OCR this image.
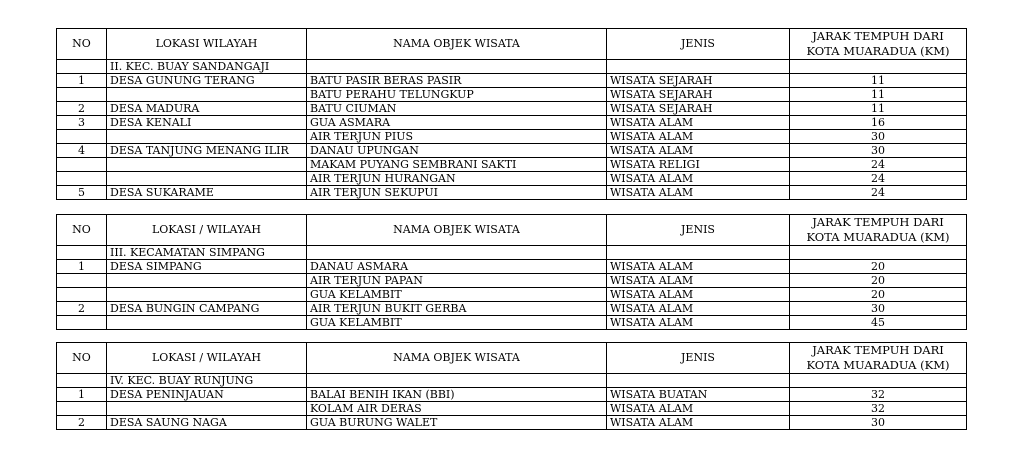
NO	LOKASI WILAYAH	NAMA OBJEK WISATA	JENIS	JARAK TEMPUH DARI
KOTA MUARADUA (KM)
	II. KEC. BUAY SANDANGAJI			
1	DESA GUNUNG TERANG	BATU PASIR BERAS PASIR	WISATA SEJARAH	11
		BATU PERAHU TELUNGKUP	WISATA SEJARAH	11
2	DESA MADURA	BATU CIUMAN	WISATA SEJARAH	11
3	DESA KENALI	GUA ASMARA	WISATA ALAM	16
		AIR TERJUN PIUS	WISATA ALAM	30
4	DESA TANJUNG MENANG ILIR	DANAU UPUNGAN	WISATA ALAM	30
		MAKAM PUYANG SEMBRANI SAKTI	WISATA RELIGI	24
		AIR TERJUN HURANGAN	WISATA ALAM	24
5	DESA SUKARAME	AIR TERJUN SEKUPUI	WISATA ALAM	24
NO	LOKASI / WILAYAH	NAMA OBJEK WISATA	JENIS	JARAK TEMPUH DARI
KOTA MUARADUA (KM)
	III. KECAMATAN SIMPANG			
1	DESA SIMPANG	DANAU ASMARA	WISATA ALAM	20
		AIR TERJUN PAPAN	WISATA ALAM	20
		GUA KELAMBIT	WISATA ALAM	20
2	DESA BUNGIN CAMPANG	AIR TERJUN BUKIT GERBA	WISATA ALAM	30
		GUA KELAMBIT	WISATA ALAM	45
NO	LOKASI / WILAYAH	NAMA OBJEK WISATA	JENIS	JARAK TEMPUH DARI
KOTA MUARADUA (KM)
	IV. KEC. BUAY RUNJUNG			
1	DESA PENINJAUAN	BALAI BENIH IKAN (BBI)	WISATA BUATAN	32
		KOLAM AIR DERAS	WISATA ALAM	32
2	DESA SAUNG NAGA	GUA BURUNG WALET	WISATA ALAM	30
